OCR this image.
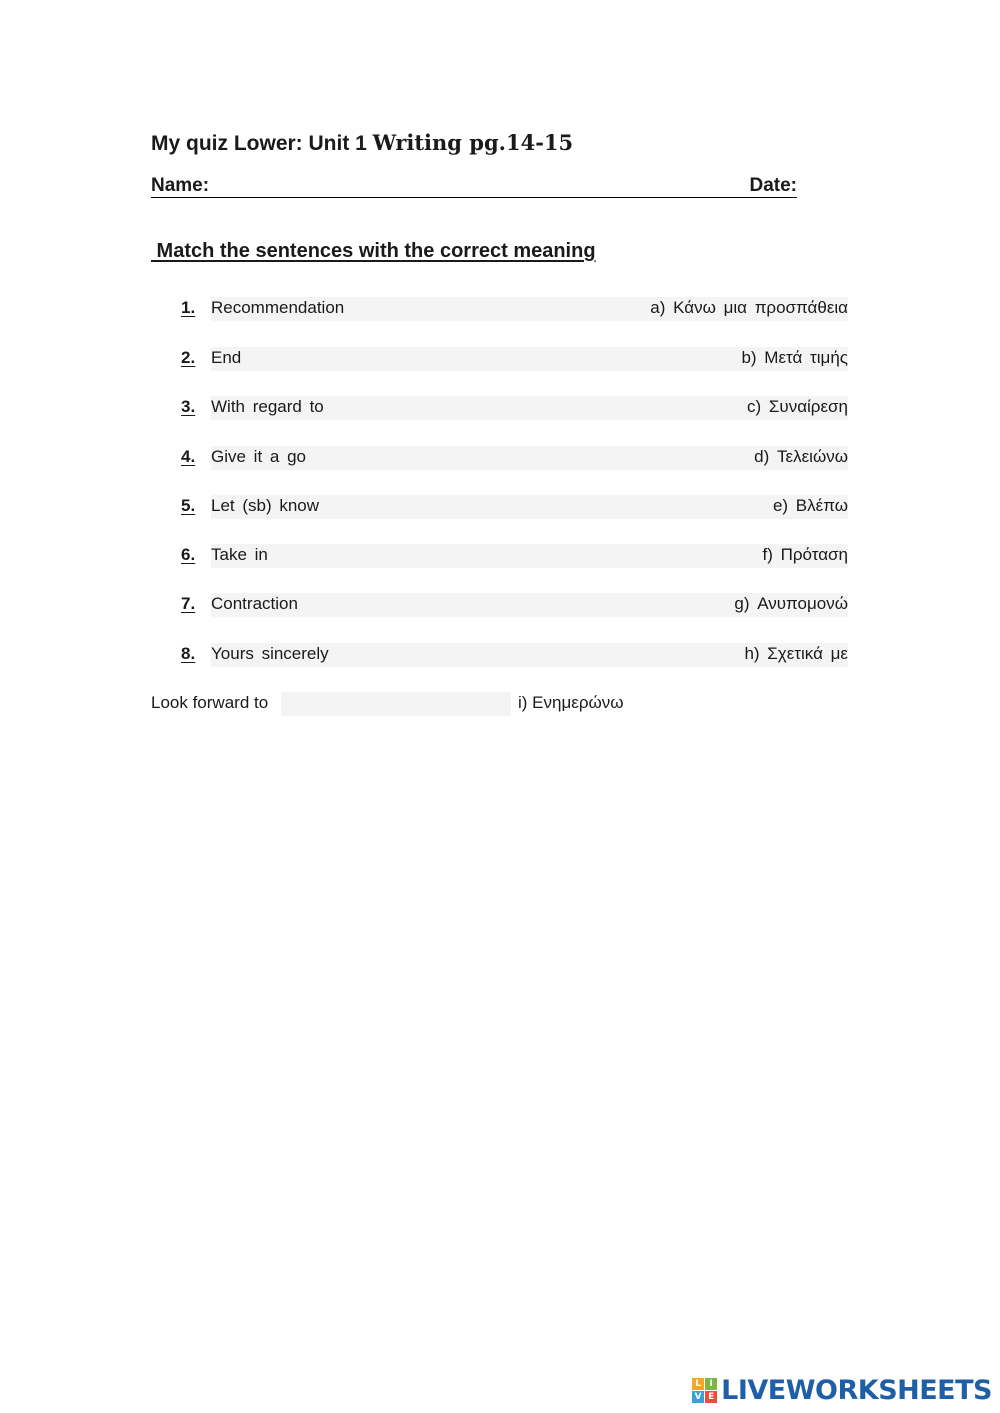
My quiz Lower: Unit 1 Writing pg.14-15
Name:	Date:
Match the sentences with the correct meaning
1. Recommendation	a) Κάνω μια προσπάθεια
2. End	b) Μετά τιμής
3. With regard to	c) Συναίρεση
4. Give it a go	d) Τελειώνω
5. Let (sb) know	e) Βλέπω
6. Take in	f) Πρόταση
7. Contraction	g) Ανυπομονώ
8. Yours sincerely	h) Σχετικά με
Look forward to	i) Ενημερώνω
L I
V E LIVEWORKSHEETS
